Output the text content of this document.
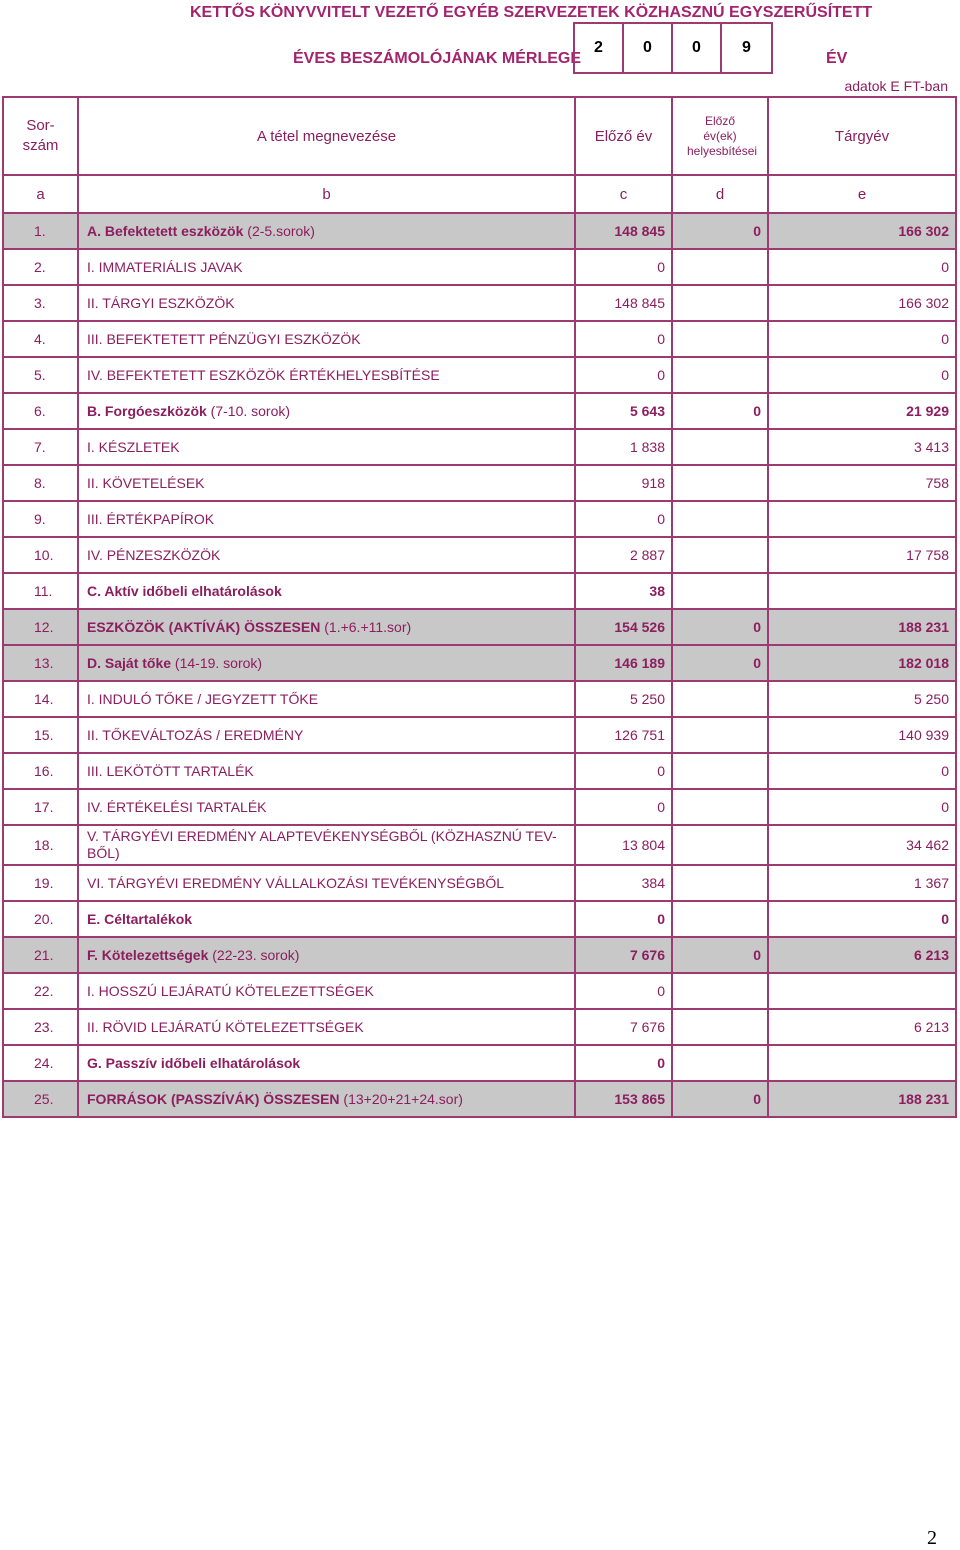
KETTŐS KÖNYVVITELT VEZETŐ EGYÉB SZERVEZETEK KÖZHASZNÚ EGYSZERŰSÍTETT
ÉVES BESZÁMOLÓJÁNAK MÉRLEGE
2	0	0	9
ÉV
adatok E FT-ban
Sor-
szám	A tétel megnevezése	Előző év	Előző év(ek) helyesbítései	Tárgyév
a	b	c	d	e
1.	A. Befektetett eszközök (2-5.sorok)	148 845	0	166 302
2.	I. IMMATERIÁLIS JAVAK	0		0
3.	II. TÁRGYI ESZKÖZÖK	148 845		166 302
4.	III. BEFEKTETETT PÉNZÜGYI ESZKÖZÖK	0		0
5.	IV. BEFEKTETETT ESZKÖZÖK ÉRTÉKHELYESBÍTÉSE	0		0
6.	B. Forgóeszközök (7-10. sorok)	5 643	0	21 929
7.	I. KÉSZLETEK	1 838		3 413
8.	II. KÖVETELÉSEK	918		758
9.	III. ÉRTÉKPAPÍROK	0		
10.	IV. PÉNZESZKÖZÖK	2 887		17 758
11.	C. Aktív időbeli elhatárolások	38		
12.	ESZKÖZÖK (AKTÍVÁK) ÖSSZESEN (1.+6.+11.sor)	154 526	0	188 231
13.	D. Saját tőke (14-19. sorok)	146 189	0	182 018
14.	I. INDULÓ TŐKE / JEGYZETT TŐKE	5 250		5 250
15.	II. TŐKEVÁLTOZÁS / EREDMÉNY	126 751		140 939
16.	III. LEKÖTÖTT TARTALÉK	0		0
17.	IV. ÉRTÉKELÉSI TARTALÉK	0		0
18.	V. TÁRGYÉVI EREDMÉNY ALAPTEVÉKENYSÉGBŐL (KÖZHASZNÚ TEV-BŐL)	13 804		34 462
19.	VI. TÁRGYÉVI EREDMÉNY VÁLLALKOZÁSI TEVÉKENYSÉGBŐL	384		1 367
20.	E. Céltartalékok	0		0
21.	F. Kötelezettségek (22-23. sorok)	7 676	0	6 213
22.	I. HOSSZÚ LEJÁRATÚ KÖTELEZETTSÉGEK	0		
23.	II. RÖVID LEJÁRATÚ KÖTELEZETTSÉGEK	7 676		6 213
24.	G. Passzív időbeli elhatárolások	0		
25.	FORRÁSOK (PASSZÍVÁK) ÖSSZESEN (13+20+21+24.sor)	153 865	0	188 231
2
